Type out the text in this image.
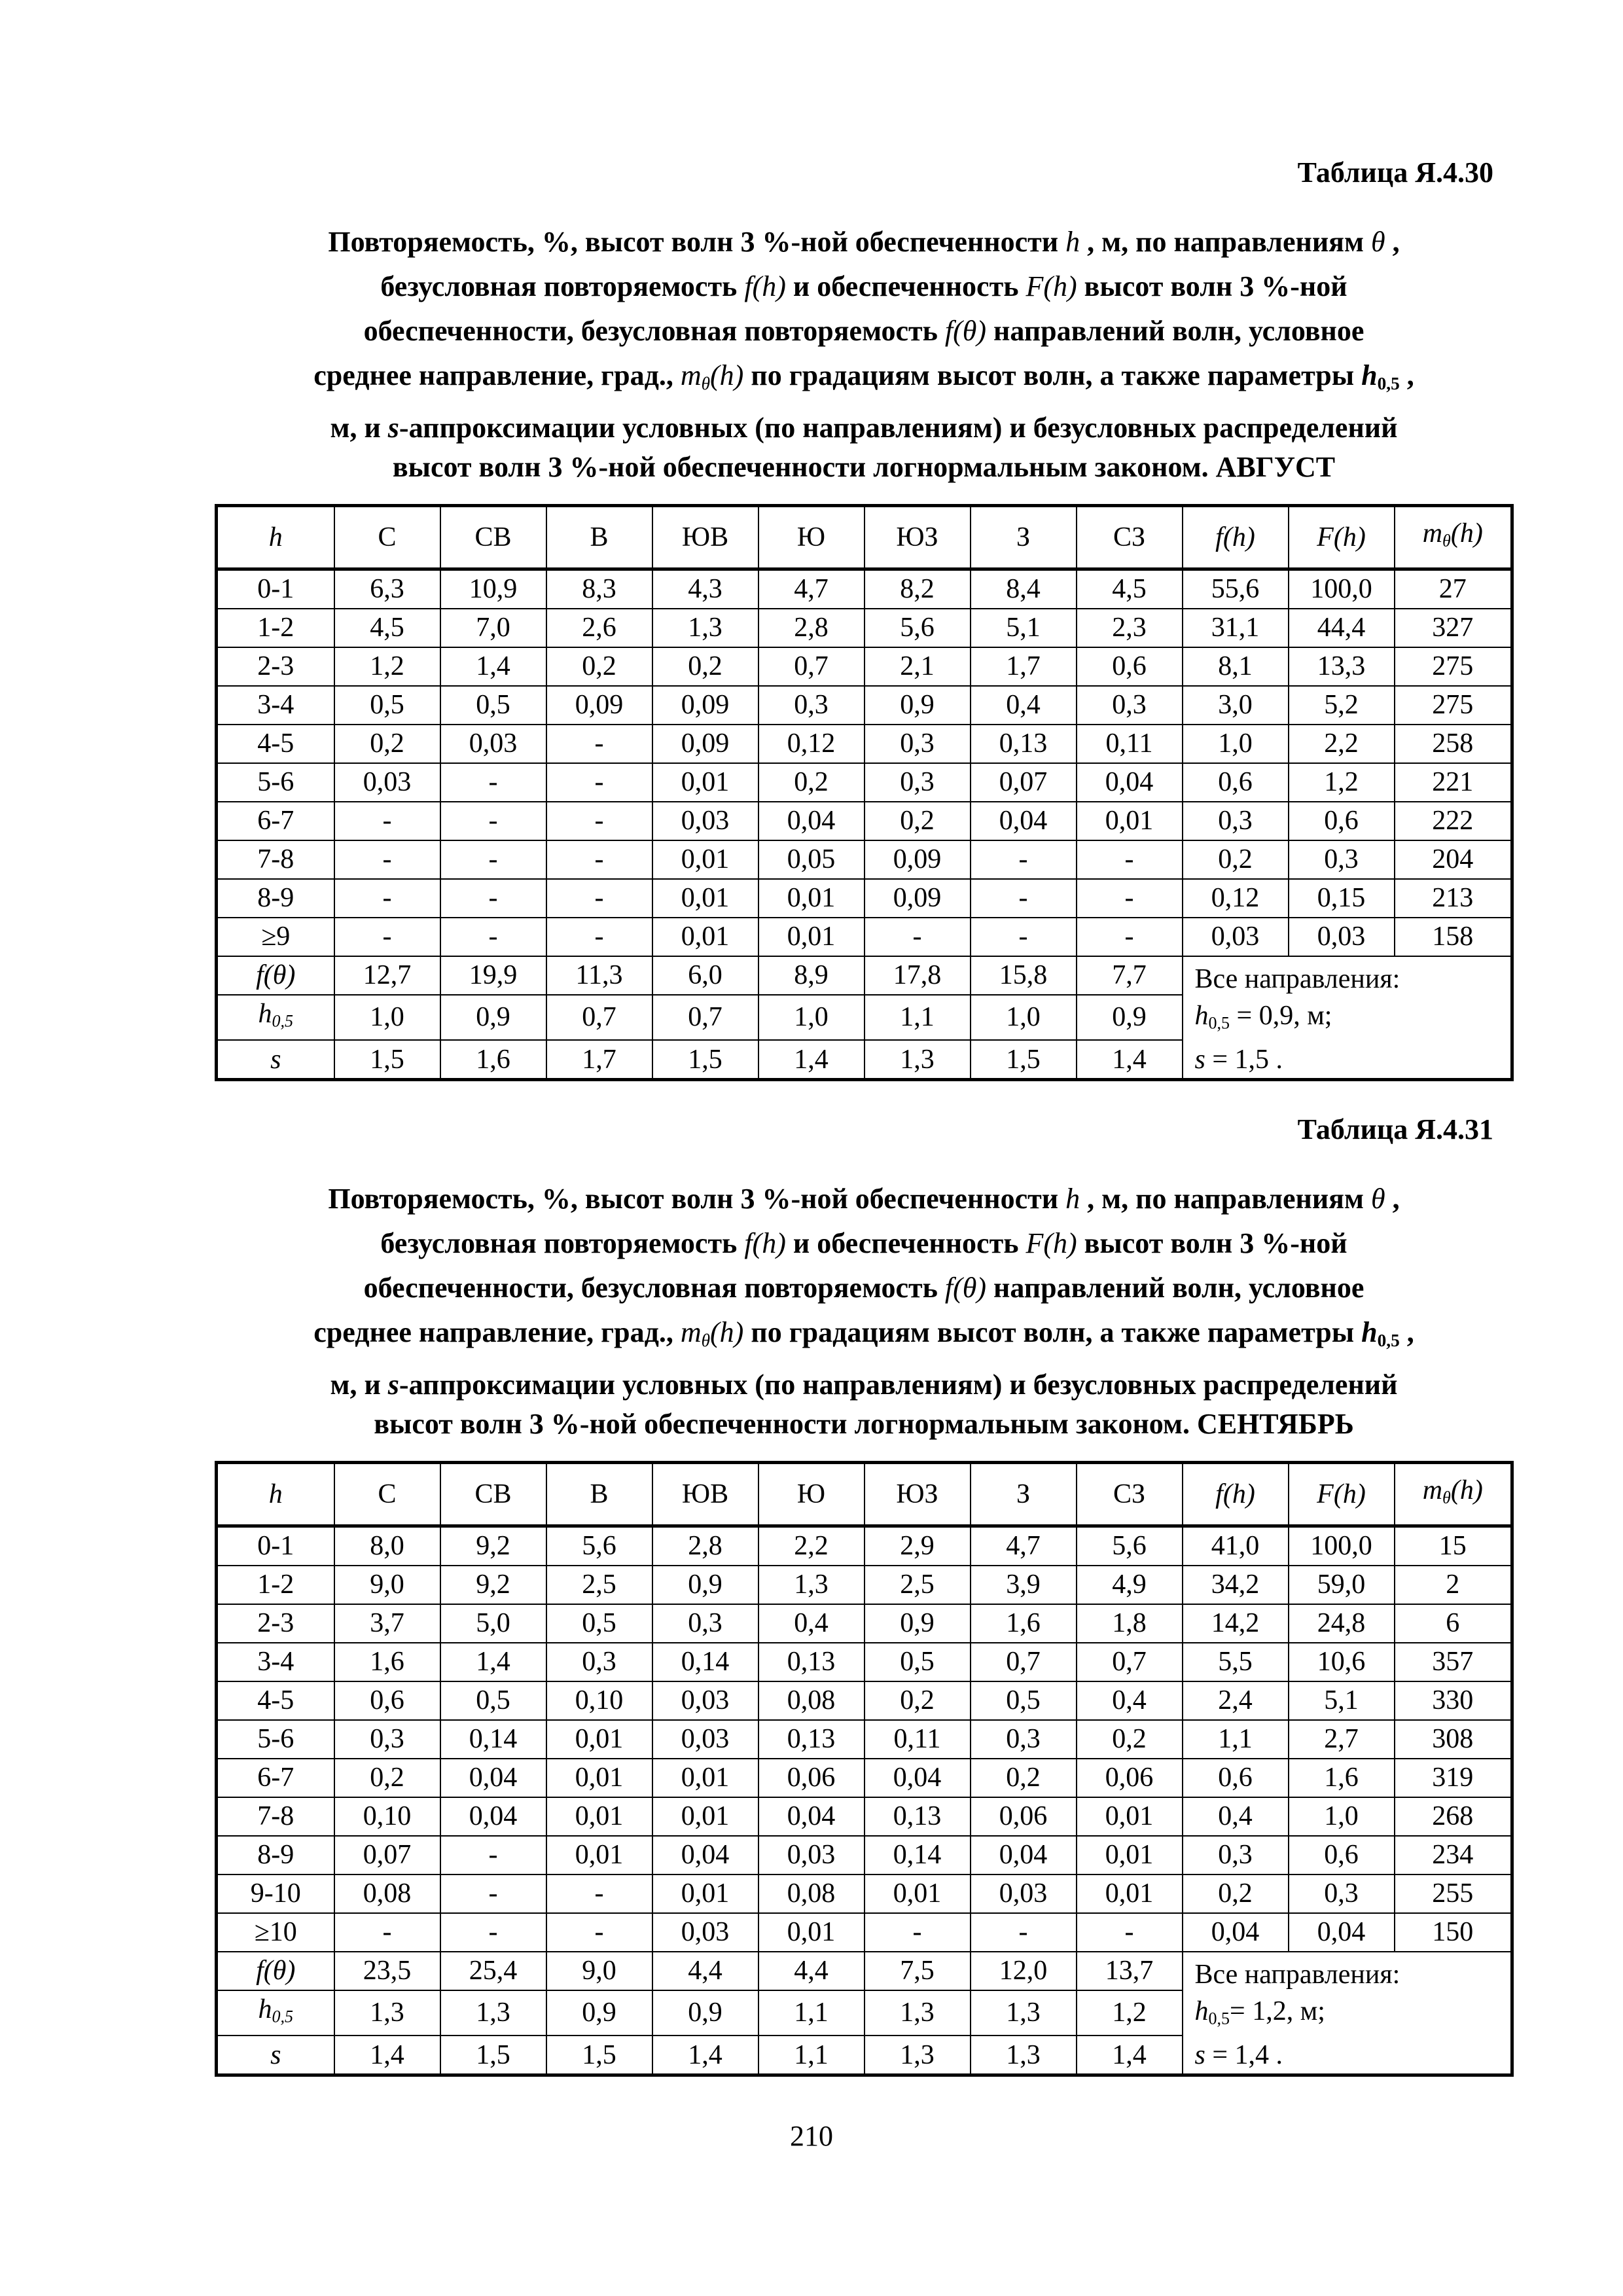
Таблица Я.4.30

Повторяемость, %, высот волн 3 %-ной обеспеченности h , м, по направлениям θ ,
безусловная повторяемость f(h) и обеспеченность F(h) высот волн 3 %-ной
обеспеченности, безусловная повторяемость f(θ) направлений волн, условное
среднее направление, град., $m_\theta(h)$ по градациям высот волн, а также параметры $h_{0,5}$ ,
м, и s-аппроксимации условных (по направлениям) и безусловных распределений
высот волн 3 %-ной обеспеченности логнормальным законом. АВГУСТ
h	С	СВ	В	ЮВ	Ю	ЮЗ	З	СЗ	f(h)	F(h)	$m_\theta(h)$
0-1	6,3	10,9	8,3	4,3	4,7	8,2	8,4	4,5	55,6	100,0	27
1-2	4,5	7,0	2,6	1,3	2,8	5,6	5,1	2,3	31,1	44,4	327
2-3	1,2	1,4	0,2	0,2	0,7	2,1	1,7	0,6	8,1	13,3	275
3-4	0,5	0,5	0,09	0,09	0,3	0,9	0,4	0,3	3,0	5,2	275
4-5	0,2	0,03	-	0,09	0,12	0,3	0,13	0,11	1,0	2,2	258
5-6	0,03	-	-	0,01	0,2	0,3	0,07	0,04	0,6	1,2	221
6-7	-	-	-	0,03	0,04	0,2	0,04	0,01	0,3	0,6	222
7-8	-	-	-	0,01	0,05	0,09	-	-	0,2	0,3	204
8-9	-	-	-	0,01	0,01	0,09	-	-	0,12	0,15	213
≥9	-	-	-	0,01	0,01	-	-	-	0,03	0,03	158
f(θ)	12,7	19,9	11,3	6,0	8,9	17,8	15,8	7,7	Все направления:
$h_{0,5} = 0,9$, м;
s = 1,5 .		

$h_{0,5}$	1,0	0,9	0,7	0,7	1,0	1,1	1,0	0,9			
s	1,5	1,6	1,7	1,5	1,4	1,3	1,5	1,4			

Таблица Я.4.31

Повторяемость, %, высот волн 3 %-ной обеспеченности h , м, по направлениям θ ,
безусловная повторяемость f(h) и обеспеченность F(h) высот волн 3 %-ной
обеспеченности, безусловная повторяемость f(θ) направлений волн, условное
среднее направление, град., $m_\theta(h)$ по градациям высот волн, а также параметры $h_{0,5}$ ,
м, и s-аппроксимации условных (по направлениям) и безусловных распределений
высот волн 3 %-ной обеспеченности логнормальным законом. СЕНТЯБРЬ
h	С	СВ	В	ЮВ	Ю	ЮЗ	З	СЗ	f(h)	F(h)	$m_\theta(h)$
0-1	8,0	9,2	5,6	2,8	2,2	2,9	4,7	5,6	41,0	100,0	15
1-2	9,0	9,2	2,5	0,9	1,3	2,5	3,9	4,9	34,2	59,0	2
2-3	3,7	5,0	0,5	0,3	0,4	0,9	1,6	1,8	14,2	24,8	6
3-4	1,6	1,4	0,3	0,14	0,13	0,5	0,7	0,7	5,5	10,6	357
4-5	0,6	0,5	0,10	0,03	0,08	0,2	0,5	0,4	2,4	5,1	330
5-6	0,3	0,14	0,01	0,03	0,13	0,11	0,3	0,2	1,1	2,7	308
6-7	0,2	0,04	0,01	0,01	0,06	0,04	0,2	0,06	0,6	1,6	319
7-8	0,10	0,04	0,01	0,01	0,04	0,13	0,06	0,01	0,4	1,0	268
8-9	0,07	-	0,01	0,04	0,03	0,14	0,04	0,01	0,3	0,6	234
9-10	0,08	-	-	0,01	0,08	0,01	0,03	0,01	0,2	0,3	255
≥10	-	-	-	0,03	0,01	-	-	-	0,04	0,04	150
f(θ)	23,5	25,4	9,0	4,4	4,4	7,5	12,0	13,7	Все направления:
$h_{0,5}= 1,2$, м;
s = 1,4 .		

$h_{0,5}$	1,3	1,3	0,9	0,9	1,1	1,3	1,3	1,2			
s	1,4	1,5	1,5	1,4	1,1	1,3	1,3	1,4			

210
